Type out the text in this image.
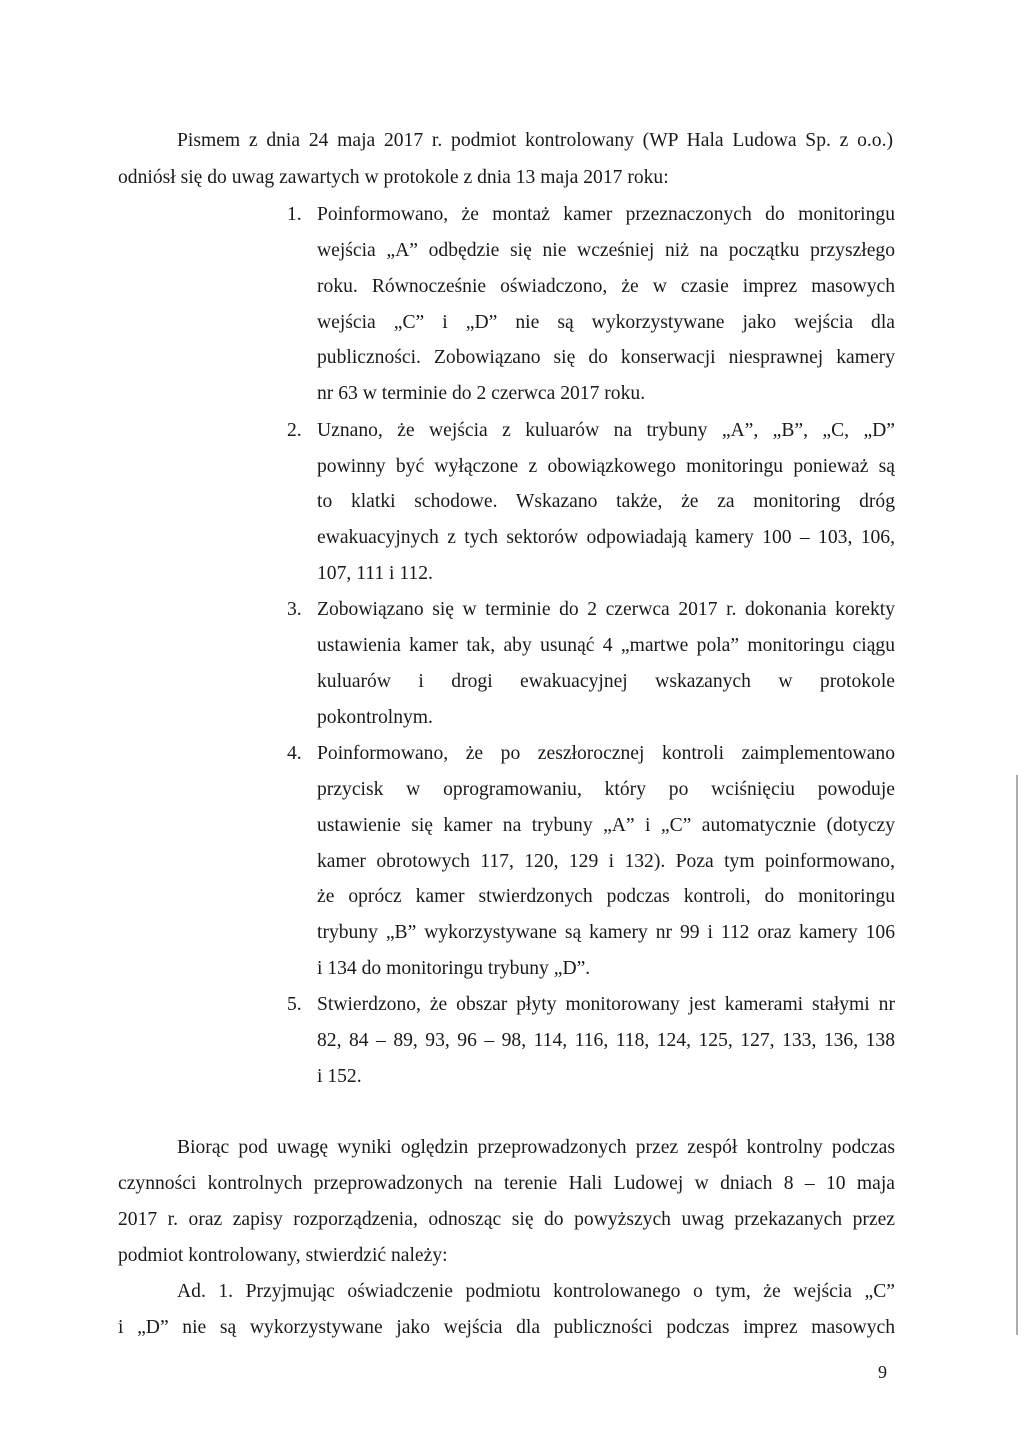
Pismem z dnia 24 maja 2017 r. podmiot kontrolowany (WP Hala Ludowa Sp. z o.o.)
odniósł się do uwag zawartych w protokole z dnia 13 maja 2017 roku:
1. Poinformowano, że montaż kamer przeznaczonych do monitoringu
wejścia „A” odbędzie się nie wcześniej niż na początku przyszłego
roku. Równocześnie oświadczono, że w czasie imprez masowych
wejścia „C” i „D” nie są wykorzystywane jako wejścia dla
publiczności. Zobowiązano się do konserwacji niesprawnej kamery
nr 63 w terminie do 2 czerwca 2017 roku.
2. Uznano, że wejścia z kuluarów na trybuny „A”, „B”, „C, „D”
powinny być wyłączone z obowiązkowego monitoringu ponieważ są
to klatki schodowe. Wskazano także, że za monitoring dróg
ewakuacyjnych z tych sektorów odpowiadają kamery 100 – 103, 106,
107, 111 i 112.
3. Zobowiązano się w terminie do 2 czerwca 2017 r. dokonania korekty
ustawienia kamer tak, aby usunąć 4 „martwe pola” monitoringu ciągu
kuluarów i drogi ewakuacyjnej wskazanych w protokole
pokontrolnym.
4. Poinformowano, że po zeszłorocznej kontroli zaimplementowano
przycisk w oprogramowaniu, który po wciśnięciu powoduje
ustawienie się kamer na trybuny „A” i „C” automatycznie (dotyczy
kamer obrotowych 117, 120, 129 i 132). Poza tym poinformowano,
że oprócz kamer stwierdzonych podczas kontroli, do monitoringu
trybuny „B” wykorzystywane są kamery nr 99 i 112 oraz kamery 106
i 134 do monitoringu trybuny „D”.
5. Stwierdzono, że obszar płyty monitorowany jest kamerami stałymi nr
82, 84 – 89, 93, 96 – 98, 114, 116, 118, 124, 125, 127, 133, 136, 138
i 152.
Biorąc pod uwagę wyniki oględzin przeprowadzonych przez zespół kontrolny podczas
czynności kontrolnych przeprowadzonych na terenie Hali Ludowej w dniach 8 – 10 maja
2017 r. oraz zapisy rozporządzenia, odnosząc się do powyższych uwag przekazanych przez
podmiot kontrolowany, stwierdzić należy:
Ad. 1. Przyjmując oświadczenie podmiotu kontrolowanego o tym, że wejścia „C”
i „D” nie są wykorzystywane jako wejścia dla publiczności podczas imprez masowych
9
